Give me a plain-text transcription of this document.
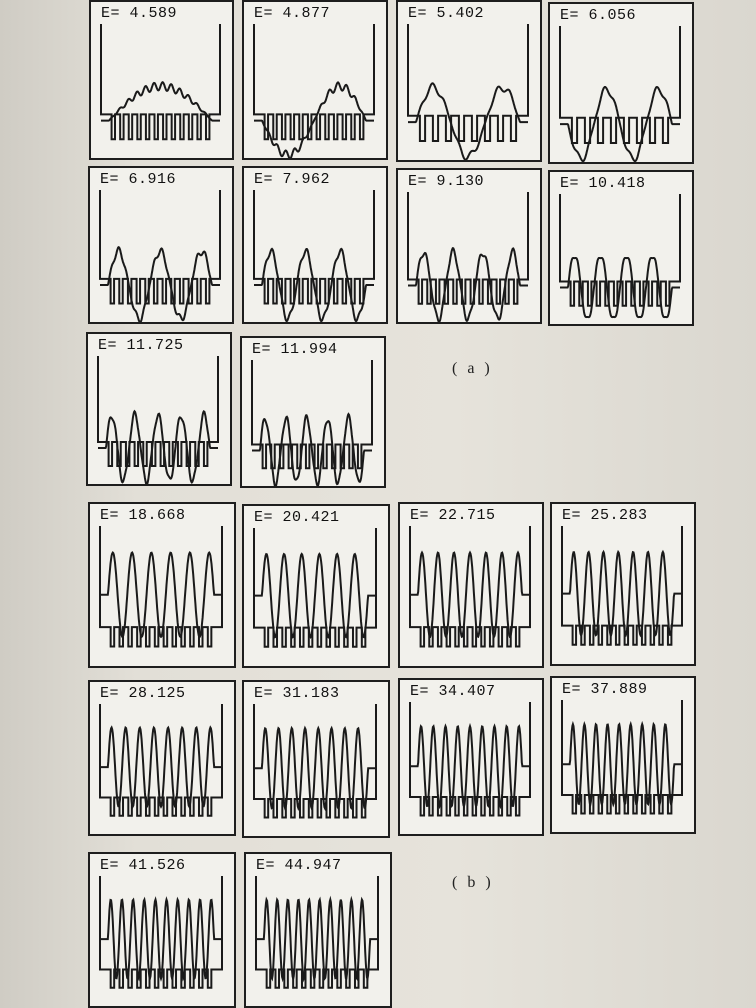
E= 4.589	E= 4.877	E= 5.402	E= 6.056
E= 6.916	E= 7.962	E= 9.130	E= 10.418
E= 11.725	E= 11.994
( a )
E= 18.668	E= 20.421	E= 22.715	E= 25.283
E= 28.125	E= 31.183	E= 34.407	E= 37.889
E= 41.526	E= 44.947
( b )
